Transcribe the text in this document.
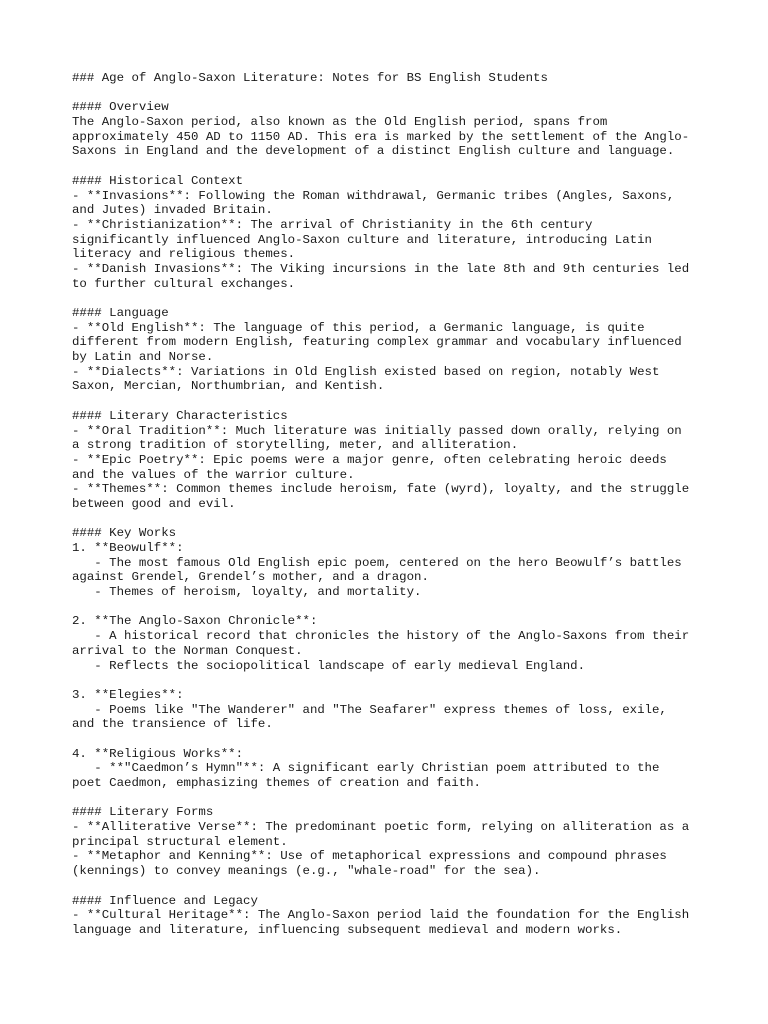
### Age of Anglo-Saxon Literature: Notes for BS English Students
#### Overview
The Anglo-Saxon period, also known as the Old English period, spans from
approximately 450 AD to 1150 AD. This era is marked by the settlement of the Anglo-
Saxons in England and the development of a distinct English culture and language.
#### Historical Context
- **Invasions**: Following the Roman withdrawal, Germanic tribes (Angles, Saxons,
and Jutes) invaded Britain.
- **Christianization**: The arrival of Christianity in the 6th century
significantly influenced Anglo-Saxon culture and literature, introducing Latin
literacy and religious themes.
- **Danish Invasions**: The Viking incursions in the late 8th and 9th centuries led
to further cultural exchanges.
#### Language
- **Old English**: The language of this period, a Germanic language, is quite
different from modern English, featuring complex grammar and vocabulary influenced
by Latin and Norse.
- **Dialects**: Variations in Old English existed based on region, notably West
Saxon, Mercian, Northumbrian, and Kentish.
#### Literary Characteristics
- **Oral Tradition**: Much literature was initially passed down orally, relying on
a strong tradition of storytelling, meter, and alliteration.
- **Epic Poetry**: Epic poems were a major genre, often celebrating heroic deeds
and the values of the warrior culture.
- **Themes**: Common themes include heroism, fate (wyrd), loyalty, and the struggle
between good and evil.
#### Key Works
1. **Beowulf**:
- The most famous Old English epic poem, centered on the hero Beowulf’s battles
against Grendel, Grendel’s mother, and a dragon.
- Themes of heroism, loyalty, and mortality.
2. **The Anglo-Saxon Chronicle**:
- A historical record that chronicles the history of the Anglo-Saxons from their
arrival to the Norman Conquest.
- Reflects the sociopolitical landscape of early medieval England.
3. **Elegies**:
- Poems like "The Wanderer" and "The Seafarer" express themes of loss, exile,
and the transience of life.
4. **Religious Works**:
- **"Caedmon’s Hymn"**: A significant early Christian poem attributed to the
poet Caedmon, emphasizing themes of creation and faith.
#### Literary Forms
- **Alliterative Verse**: The predominant poetic form, relying on alliteration as a
principal structural element.
- **Metaphor and Kenning**: Use of metaphorical expressions and compound phrases
(kennings) to convey meanings (e.g., "whale-road" for the sea).
#### Influence and Legacy
- **Cultural Heritage**: The Anglo-Saxon period laid the foundation for the English
language and literature, influencing subsequent medieval and modern works.
